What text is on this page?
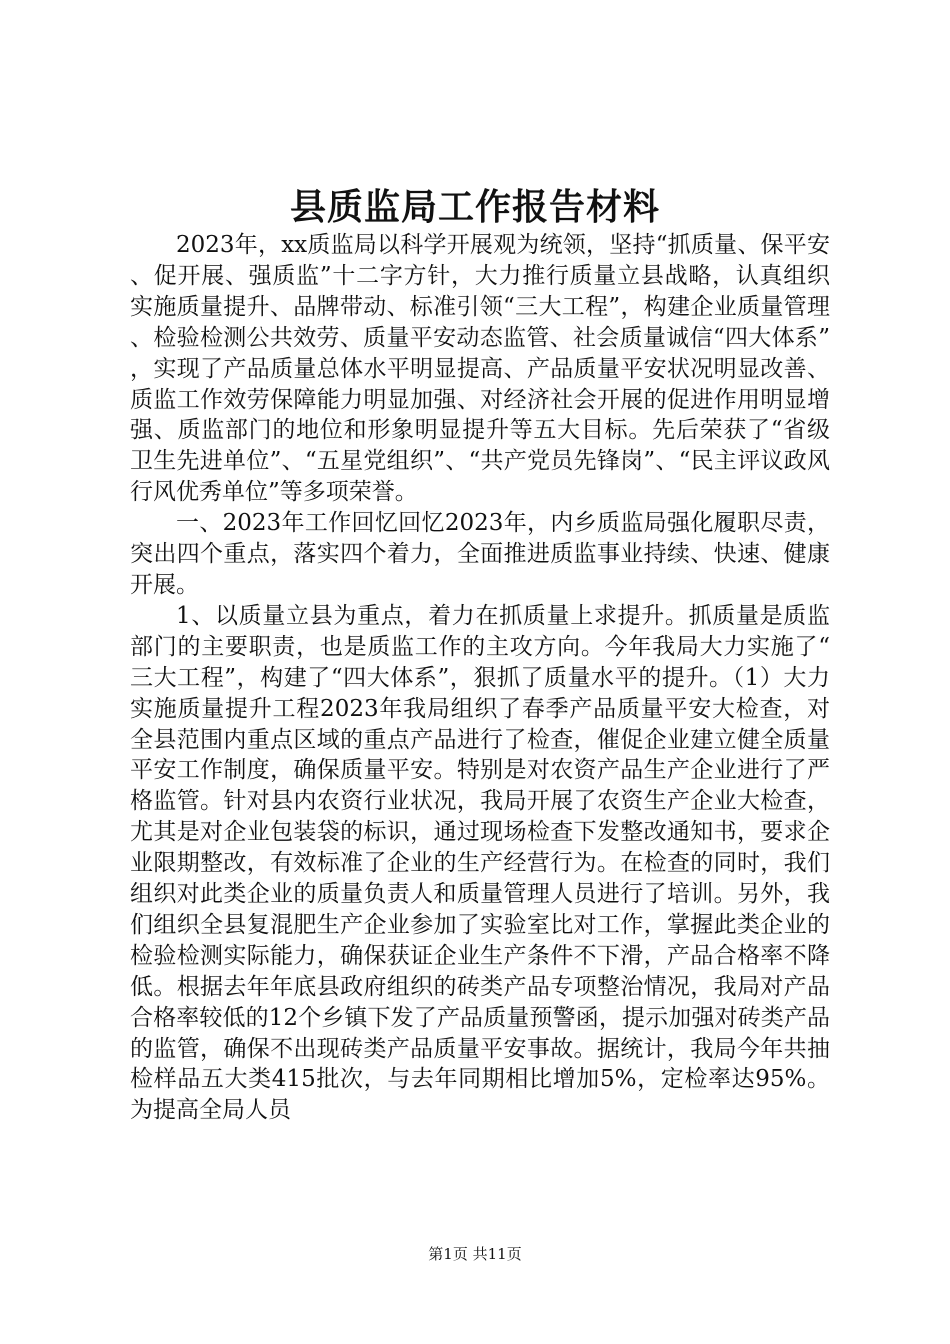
县质监局工作报告材料

2023年，xx质监局以科学开展观为统领，坚持“抓质量、保平安、促开展、强质监”十二字方针，大力推行质量立县战略，认真组织实施质量提升、品牌带动、标准引领“三大工程”，构建企业质量管理、检验检测公共效劳、质量平安动态监管、社会质量诚信“四大体系”，实现了产品质量总体水平明显提高、产品质量平安状况明显改善、质监工作效劳保障能力明显加强、对经济社会开展的促进作用明显增强、质监部门的地位和形象明显提升等五大目标。先后荣获了“省级卫生先进单位”、“五星党组织”、“共产党员先锋岗”、“民主评议政风行风优秀单位”等多项荣誉。

一、2023年工作回忆回忆2023年，内乡质监局强化履职尽责，突出四个重点，落实四个着力，全面推进质监事业持续、快速、健康开展。

1、以质量立县为重点，着力在抓质量上求提升。抓质量是质监部门的主要职责，也是质监工作的主攻方向。今年我局大力实施了“三大工程”，构建了“四大体系”，狠抓了质量水平的提升。（1）大力实施质量提升工程2023年我局组织了春季产品质量平安大检查，对全县范围内重点区域的重点产品进行了检查，催促企业建立健全质量平安工作制度，确保质量平安。特别是对农资产品生产企业进行了严格监管。针对县内农资行业状况，我局开展了农资生产企业大检查，尤其是对企业包装袋的标识，通过现场检查下发整改通知书，要求企业限期整改，有效标准了企业的生产经营行为。在检查的同时，我们组织对此类企业的质量负责人和质量管理人员进行了培训。另外，我们组织全县复混肥生产企业参加了实验室比对工作，掌握此类企业的检验检测实际能力，确保获证企业生产条件不下滑，产品合格率不降低。根据去年年底县政府组织的砖类产品专项整治情况，我局对产品合格率较低的12个乡镇下发了产品质量预警函，提示加强对砖类产品的监管，确保不出现砖类产品质量平安事故。据统计，我局今年共抽检样品五大类415批次，与去年同期相比增加5%，定检率达95%。为提高全局人员

第1页 共11页
